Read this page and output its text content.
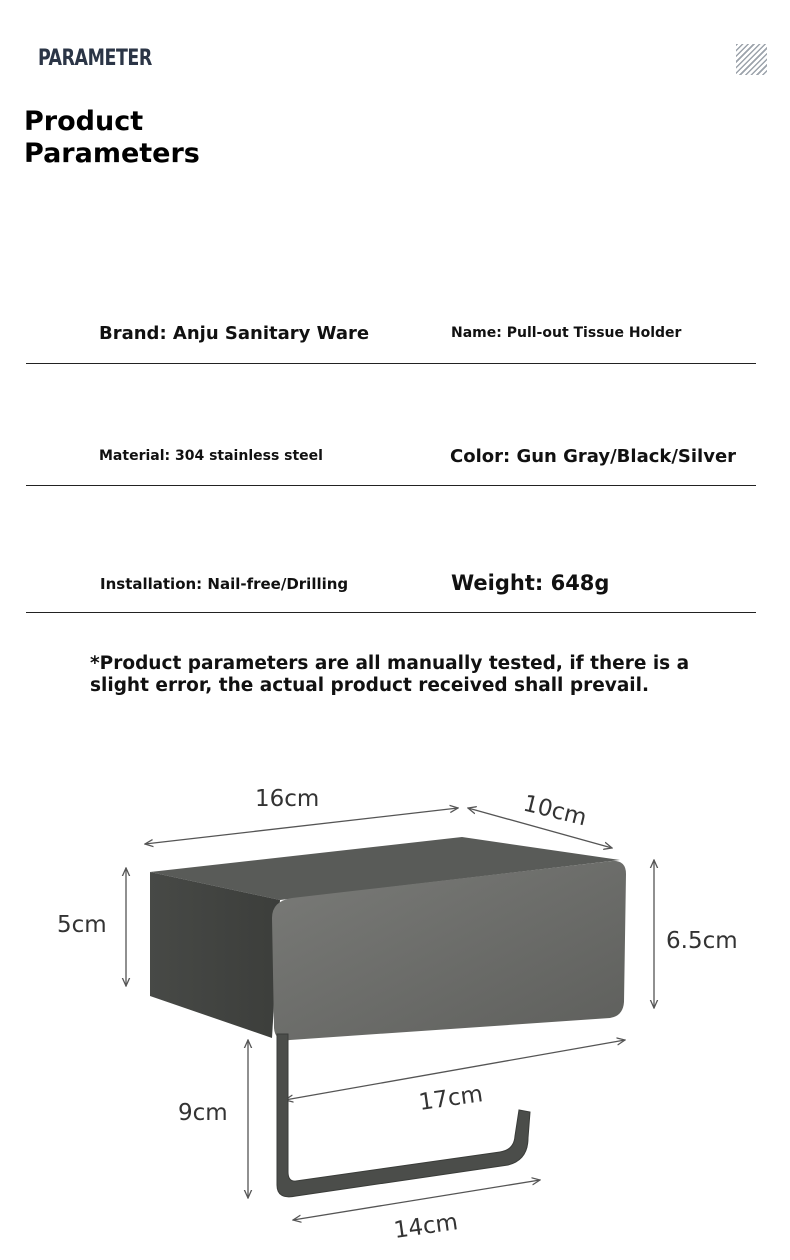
PARAMETER
Product
Parameters
Brand: Anju Sanitary Ware	Name: Pull-out Tissue Holder
Material: 304 stainless steel	Color: Gun Gray/Black/Silver
Installation: Nail-free/Drilling	Weight: 648g
*Product parameters are all manually tested, if there is a slight error, the actual product received shall prevail.
16cm	10cm
5cm
6.5cm
17cm
9cm
14cm
